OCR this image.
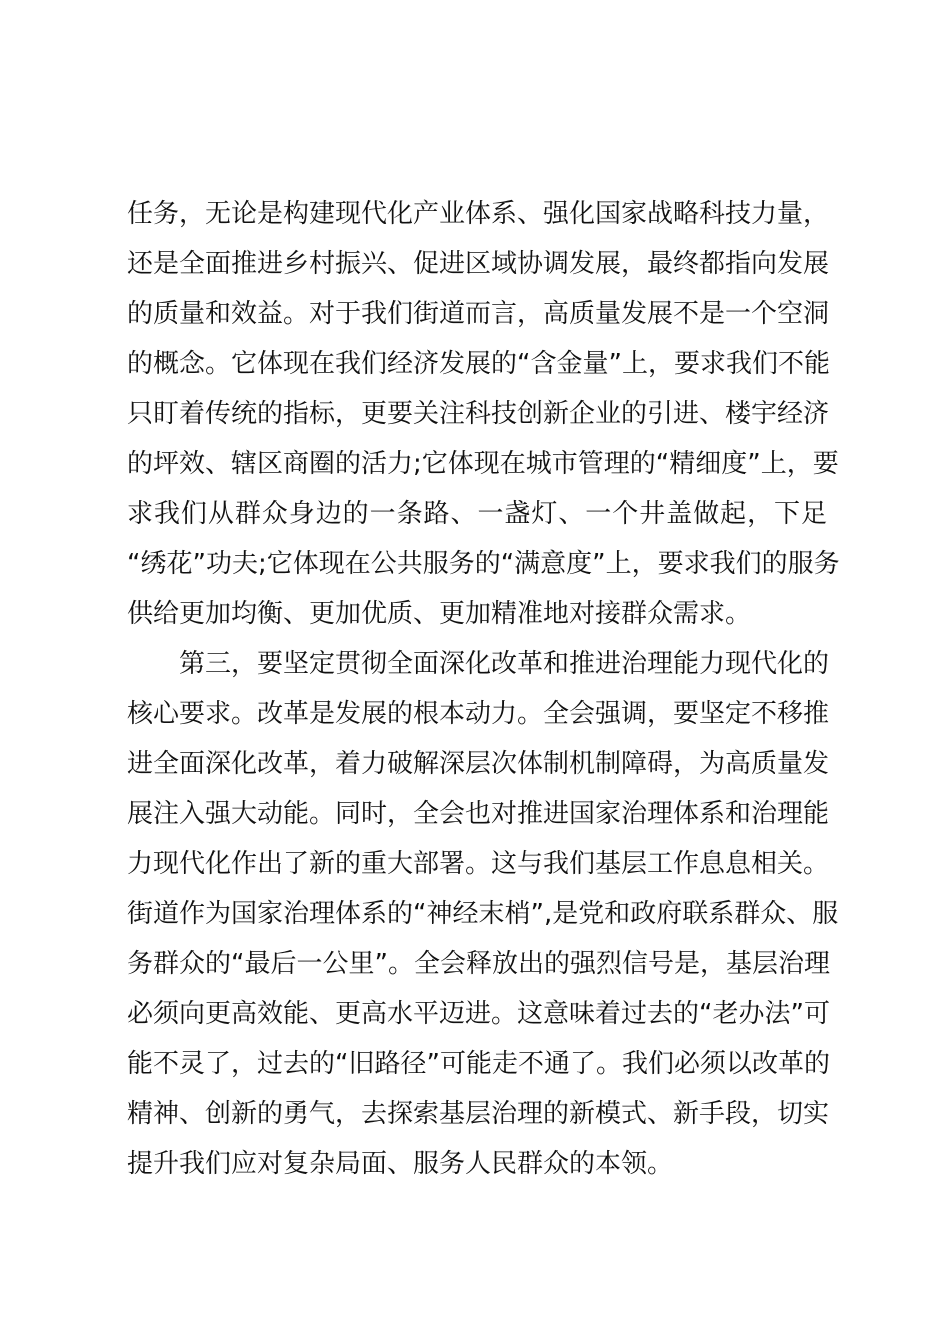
任务，无论是构建现代化产业体系、强化国家战略科技力量，

还是全面推进乡村振兴、促进区域协调发展，最终都指向发展

的质量和效益。对于我们街道而言，高质量发展不是一个空洞

的概念。它体现在我们经济发展的“含金量”上，要求我们不能

只盯着传统的指标，更要关注科技创新企业的引进、楼宇经济

的坪效、辖区商圈的活力;它体现在城市管理的“精细度”上，要

求我们从群众身边的一条路、一盏灯、一个井盖做起，下足

“绣花”功夫;它体现在公共服务的“满意度”上，要求我们的服务

供给更加均衡、更加优质、更加精准地对接群众需求。

第三，要坚定贯彻全面深化改革和推进治理能力现代化的

核心要求。改革是发展的根本动力。全会强调，要坚定不移推

进全面深化改革，着力破解深层次体制机制障碍，为高质量发

展注入强大动能。同时，全会也对推进国家治理体系和治理能

力现代化作出了新的重大部署。这与我们基层工作息息相关。

街道作为国家治理体系的“神经末梢”,是党和政府联系群众、服

务群众的“最后一公里”。全会释放出的强烈信号是，基层治理

必须向更高效能、更高水平迈进。这意味着过去的“老办法”可

能不灵了，过去的“旧路径”可能走不通了。我们必须以改革的

精神、创新的勇气，去探索基层治理的新模式、新手段，切实

提升我们应对复杂局面、服务人民群众的本领。
